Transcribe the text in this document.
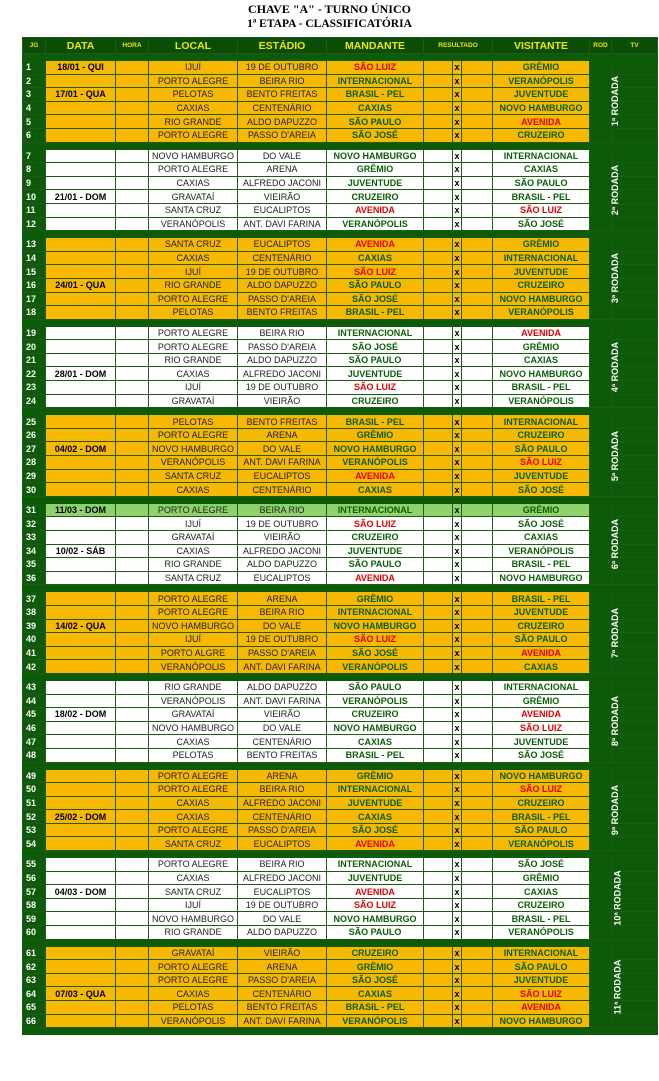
CHAVE "A" - TURNO ÚNICO
1ª ETAPA - CLASSIFICATÓRIA
JG	DATA	HORA	LOCAL	ESTÁDIO	MANDANTE	RESULTADO			VISITANTE	ROD	TV

1	18/01 - QUI		IJUÍ	19 DE OUTUBRO	SÃO LUIZ		x		GRÊMIO	1ª RODADA	
2			PORTO ALEGRE	BEIRA RIO	INTERNACIONAL		x		VERANÓPOLIS		
3	17/01 - QUA		PELOTAS	BENTO FREITAS	BRASIL - PEL		x		JUVENTUDE		
4			CAXIAS	CENTENÁRIO	CAXIAS		x		NOVO HAMBURGO		
5			RIO GRANDE	ALDO DAPUZZO	SÃO PAULO		x		AVENIDA		
6			PORTO ALEGRE	PASSO D'AREIA	SÃO JOSÉ		x		CRUZEIRO		

7			NOVO HAMBURGO	DO VALE	NOVO HAMBURGO		x		INTERNACIONAL	2ª RODADA	
8			PORTO ALEGRE	ARENA	GRÊMIO		x		CAXIAS		
9			CAXIAS	ALFREDO JACONI	JUVENTUDE		x		SÃO PAULO		
10	21/01 - DOM		GRAVATAÍ	VIEIRÃO	CRUZEIRO		x		BRASIL - PEL		
11			SANTA CRUZ	EUCALIPTOS	AVENIDA		x		SÃO LUIZ		
12			VERANÓPOLIS	ANT. DAVI FARINA	VERANÓPOLIS		x		SÃO JOSÉ		

13			SANTA CRUZ	EUCALIPTOS	AVENIDA		x		GRÊMIO	3ª RODADA	
14			CAXIAS	CENTENÁRIO	CAXIAS		x		INTERNACIONAL		
15			IJUÍ	19 DE OUTUBRO	SÃO LUIZ		x		JUVENTUDE		
16	24/01 - QUA		RIO GRANDE	ALDO DAPUZZO	SÃO PAULO		x		CRUZEIRO		
17			PORTO ALEGRE	PASSO D'AREIA	SÃO JOSÉ		x		NOVO HAMBURGO		
18			PELOTAS	BENTO FREITAS	BRASIL - PEL		x		VERANÓPOLIS		

19			PORTO ALEGRE	BEIRA RIO	INTERNACIONAL		x		AVENIDA	4ª RODADA	
20			PORTO ALEGRE	PASSO D'AREIA	SÃO JOSÉ		x		GRÊMIO		
21			RIO GRANDE	ALDO DAPUZZO	SÃO PAULO		x		CAXIAS		
22	28/01 - DOM		CAXIAS	ALFREDO JACONI	JUVENTUDE		x		NOVO HAMBURGO		
23			IJUÍ	19 DE OUTUBRO	SÃO LUIZ		x		BRASIL - PEL		
24			GRAVATAÍ	VIEIRÃO	CRUZEIRO		x		VERANÓPOLIS		

25			PELOTAS	BENTO FREITAS	BRASIL - PEL		x		INTERNACIONAL	5ª RODADA	
26			PORTO ALEGRE	ARENA	GRÊMIO		x		CRUZEIRO		
27	04/02 - DOM		NOVO HAMBURGO	DO VALE	NOVO HAMBURGO		x		SÃO PAULO		
28			VERANÓPOLIS	ANT. DAVI FARINA	VERANÓPOLIS		x		SÃO LUIZ		
29			SANTA CRUZ	EUCALIPTOS	AVENIDA		x		JUVENTUDE		
30			CAXIAS	CENTENÁRIO	CAXIAS		x		SÃO JOSÉ		

31	11/03 - DOM		PORTO ALEGRE	BEIRA RIO	INTERNACIONAL		x		GRÊMIO	6ª RODADA	
32			IJUÍ	19 DE OUTUBRO	SÃO LUIZ		x		SÃO JOSÉ		
33			GRAVATAÍ	VIEIRÃO	CRUZEIRO		x		CAXIAS		
34	10/02 - SÁB		CAXIAS	ALFREDO JACONI	JUVENTUDE		x		VERANÓPOLIS		
35			RIO GRANDE	ALDO DAPUZZO	SÃO PAULO		x		BRASIL - PEL		
36			SANTA CRUZ	EUCALIPTOS	AVENIDA		x		NOVO HAMBURGO		

37			PORTO ALEGRE	ARENA	GRÊMIO		x		BRASIL - PEL	7ª RODADA	
38			PORTO ALEGRE	BEIRA RIO	INTERNACIONAL		x		JUVENTUDE		
39	14/02 - QUA		NOVO HAMBURGO	DO VALE	NOVO HAMBURGO		x		CRUZEIRO		
40			IJUÍ	19 DE OUTUBRO	SÃO LUIZ		x		SÃO PAULO		
41			PORTO ALGRE	PASSO D'AREIA	SÃO JOSÉ		x		AVENIDA		
42			VERANÓPOLIS	ANT. DAVI FARINA	VERANÓPOLIS		x		CAXIAS		

43			RIO GRANDE	ALDO DAPUZZO	SÃO PAULO		x		INTERNACIONAL	8ª RODADA	
44			VERANÓPOLIS	ANT. DAVI FARINA	VERANÓPOLIS		x		GRÊMIO		
45	18/02 - DOM		GRAVATAÍ	VIEIRÃO	CRUZEIRO		x		AVENIDA		
46			NOVO HAMBURGO	DO VALE	NOVO HAMBURGO		x		SÃO LUIZ		
47			CAXIAS	CENTENÁRIO	CAXIAS		x		JUVENTUDE		
48			PELOTAS	BENTO FREITAS	BRASIL - PEL		x		SÃO JOSÉ		

49			PORTO ALEGRE	ARENA	GRÊMIO		x		NOVO HAMBURGO	9ª RODADA	
50			PORTO ALEGRE	BEIRA RIO	INTERNACIONAL		x		SÃO LUIZ		
51			CAXIAS	ALFREDO JACONI	JUVENTUDE		x		CRUZEIRO		
52	25/02 - DOM		CAXIAS	CENTENÁRIO	CAXIAS		x		BRASIL - PEL		
53			PORTO ALEGRE	PASSO D'AREIA	SÃO JOSÉ		x		SÃO PAULO		
54			SANTA CRUZ	EUCALIPTOS	AVENIDA		x		VERANÓPOLIS		

55			PORTO ALEGRE	BEIRA RIO	INTERNACIONAL		x		SÃO JOSÉ	10ª RODADA	
56			CAXIAS	ALFREDO JACONI	JUVENTUDE		x		GRÊMIO		
57	04/03 - DOM		SANTA CRUZ	EUCALIPTOS	AVENIDA		x		CAXIAS		
58			IJUÍ	19 DE OUTUBRO	SÃO LUIZ		x		CRUZEIRO		
59			NOVO HAMBURGO	DO VALE	NOVO HAMBURGO		x		BRASIL - PEL		
60			RIO GRANDE	ALDO DAPUZZO	SÃO PAULO		x		VERANÓPOLIS		

61			GRAVATAÍ	VIEIRÃO	CRUZEIRO		x		INTERNACIONAL	11ª RODADA	
62			PORTO ALEGRE	ARENA	GRÊMIO		x		SÃO PAULO		
63			PORTO ALEGRE	PASSO D'AREIA	SÃO JOSÉ		x		JUVENTUDE		
64	07/03 - QUA		CAXIAS	CENTENÁRIO	CAXIAS		x		SÃO LUIZ		
65			PELOTAS	BENTO FREITAS	BRASIL - PEL		x		AVENIDA		
66			VERANÓPOLIS	ANT. DAVI FARINA	VERANÓPOLIS		x		NOVO HAMBURGO		
